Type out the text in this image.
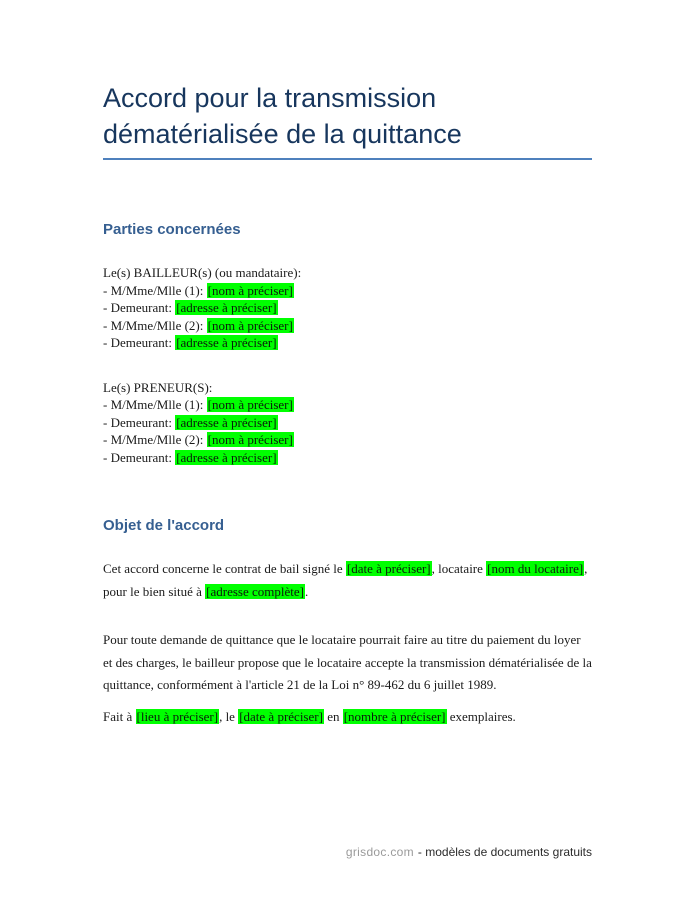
Accord pour la transmission dématérialisée de la quittance
Parties concernées
Le(s) BAILLEUR(s) (ou mandataire):
- M/Mme/Mlle (1): [nom à préciser]
- Demeurant: [adresse à préciser]
- M/Mme/Mlle (2): [nom à préciser]
- Demeurant: [adresse à préciser]
Le(s) PRENEUR(S):
- M/Mme/Mlle (1): [nom à préciser]
- Demeurant: [adresse à préciser]
- M/Mme/Mlle (2): [nom à préciser]
- Demeurant: [adresse à préciser]
Objet de l'accord

Cet accord concerne le contrat de bail signé le [date à préciser], locataire [nom du locataire], pour le bien situé à [adresse complète].

Pour toute demande de quittance que le locataire pourrait faire au titre du paiement du loyer et des charges, le bailleur propose que le locataire accepte la transmission dématérialisée de la quittance, conformément à l'article 21 de la Loi n° 89-462 du 6 juillet 1989.

Fait à [lieu à préciser], le [date à préciser] en [nombre à préciser] exemplaires.

grisdoc.com - modèles de documents gratuits
